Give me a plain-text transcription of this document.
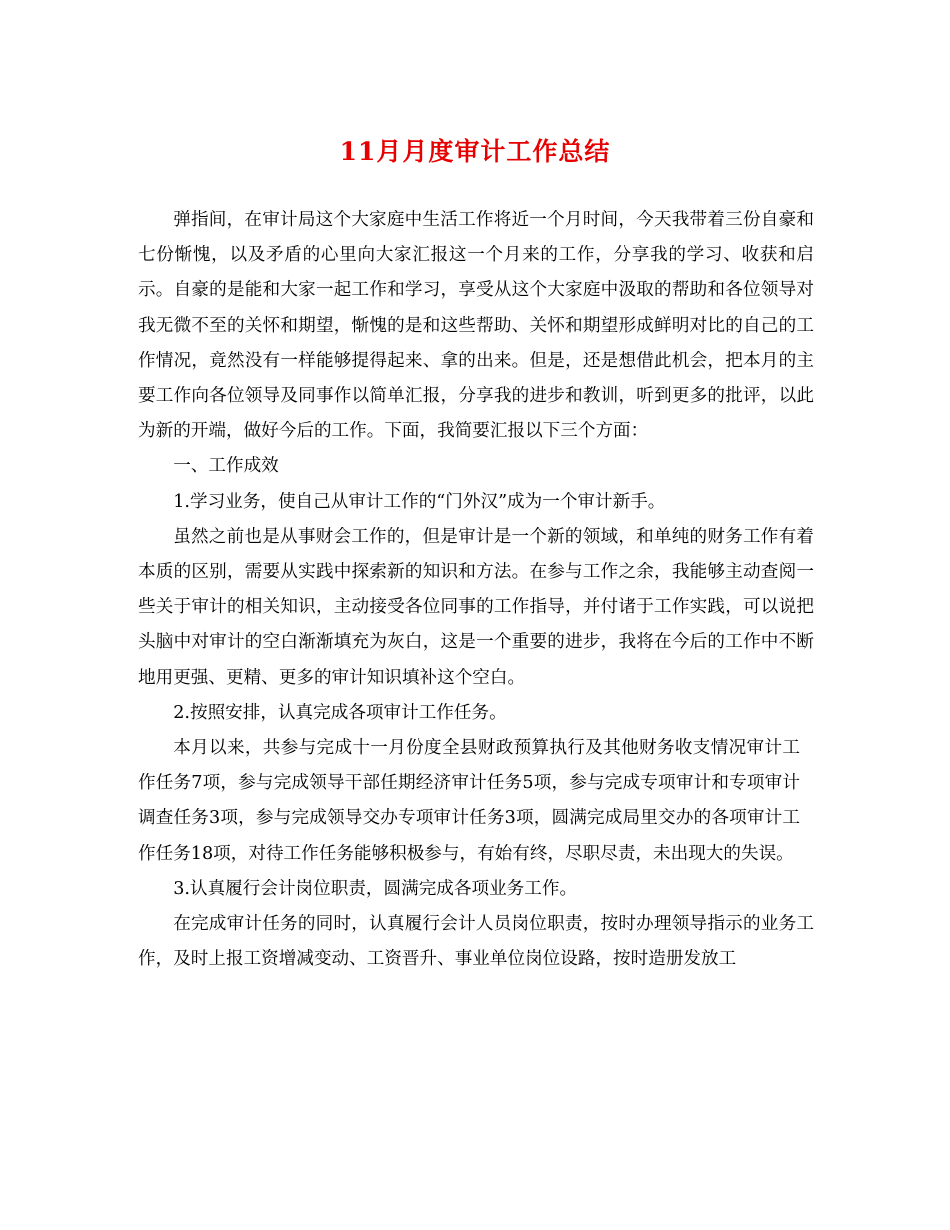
11月月度审计工作总结

弹指间，在审计局这个大家庭中生活工作将近一个月时间，今天我带着三份自豪和七份惭愧，以及矛盾的心里向大家汇报这一个月来的工作，分享我的学习、收获和启示。自豪的是能和大家一起工作和学习，享受从这个大家庭中汲取的帮助和各位领导对我无微不至的关怀和期望，惭愧的是和这些帮助、关怀和期望形成鲜明对比的自己的工作情况，竟然没有一样能够提得起来、拿的出来。但是，还是想借此机会，把本月的主要工作向各位领导及同事作以简单汇报，分享我的进步和教训，听到更多的批评，以此为新的开端，做好今后的工作。下面，我简要汇报以下三个方面：

一、工作成效

1.学习业务，使自己从审计工作的“门外汉”成为一个审计新手。

虽然之前也是从事财会工作的，但是审计是一个新的领域，和单纯的财务工作有着本质的区别，需要从实践中探索新的知识和方法。在参与工作之余，我能够主动查阅一些关于审计的相关知识，主动接受各位同事的工作指导，并付诸于工作实践，可以说把头脑中对审计的空白渐渐填充为灰白，这是一个重要的进步，我将在今后的工作中不断地用更强、更精、更多的审计知识填补这个空白。

2.按照安排，认真完成各项审计工作任务。

本月以来，共参与完成十一月份度全县财政预算执行及其他财务收支情况审计工作任务7项，参与完成领导干部任期经济审计任务5项，参与完成专项审计和专项审计调查任务3项，参与完成领导交办专项审计任务3项，圆满完成局里交办的各项审计工作任务18项，对待工作任务能够积极参与，有始有终，尽职尽责，未出现大的失误。

3.认真履行会计岗位职责，圆满完成各项业务工作。

在完成审计任务的同时，认真履行会计人员岗位职责，按时办理领导指示的业务工作，及时上报工资增减变动、工资晋升、事业单位岗位设路，按时造册发放工
